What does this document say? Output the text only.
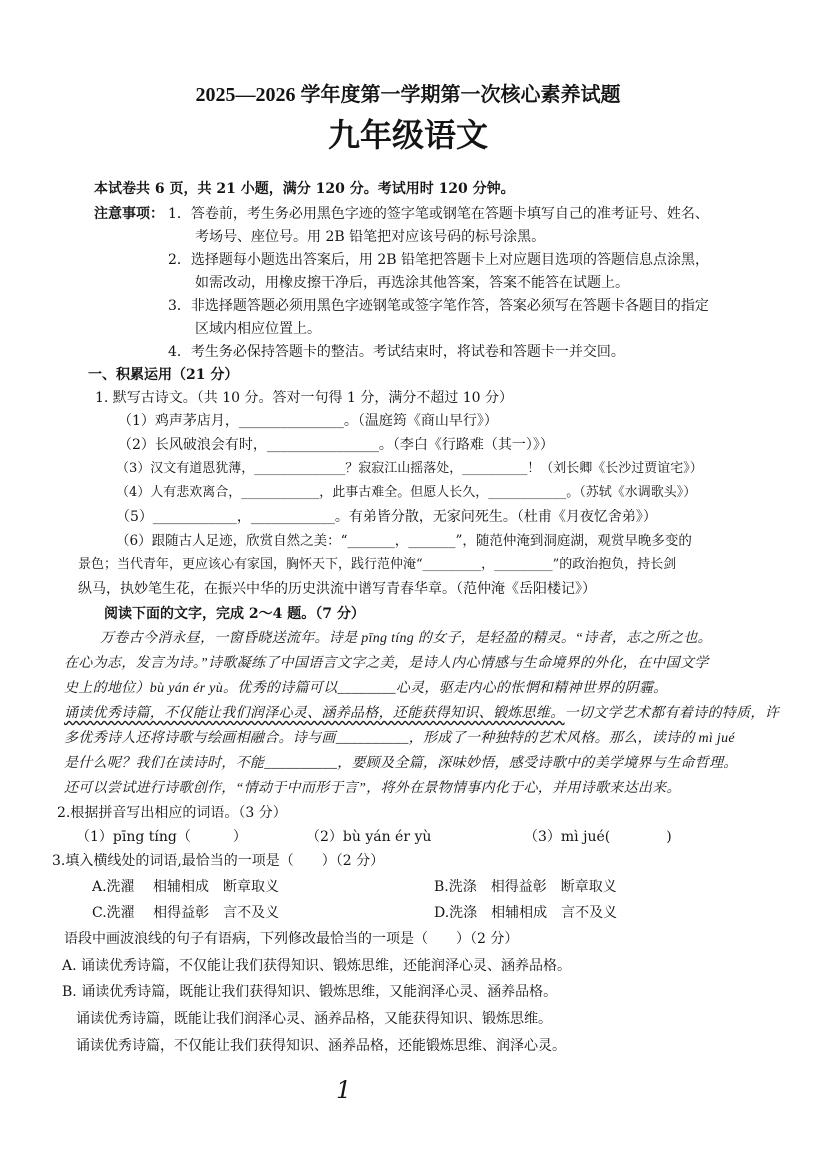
2025—2026 学年度第一学期第一次核心素养试题
九年级语文
本试卷共 6 页，共 21 小题，满分 120 分。考试用时 120 分钟。
注意事项： 1．答卷前，考生务必用黑色字迹的签字笔或钢笔在答题卡填写自己的准考证号、姓名、
考场号、座位号。用 2B 铅笔把对应该号码的标号涂黑。
2．选择题每小题选出答案后，用 2B 铅笔把答题卡上对应题目选项的答题信息点涂黑，
如需改动，用橡皮擦干净后，再选涂其他答案，答案不能答在试题上。
3．非选择题答题必须用黑色字迹钢笔或签字笔作答，答案必须写在答题卡各题目的指定
区域内相应位置上。
4．考生务必保持答题卡的整洁。考试结束时，将试卷和答题卡一并交回。
一、积累运用（21 分）
1. 默写古诗文。（共 10 分。答对一句得 1 分，满分不超过 10 分）
（1）鸡声茅店月，_______________。（温庭筠《商山早行》）
（2）长风破浪会有时，________________。（李白《行路难（其一）》）
（3）汉文有道恩犹薄，______________？寂寂江山摇落处，__________！（刘长卿《长沙过贾谊宅》）
（4）人有悲欢离合，____________，此事古难全。但愿人长久，____________。（苏轼《水调歌头》）
（5）____________，____________。有弟皆分散，无家问死生。（杜甫《月夜忆舍弟》）
（6）跟随古人足迹，欣赏自然之美：“_______，_______”，随范仲淹到洞庭湖，观赏早晚多变的
景色；当代青年，更应该心有家国，胸怀天下，践行范仲淹“_________，_________”的政治抱负，持长剑
纵马，执妙笔生花，在振兴中华的历史洪流中谱写青春华章。（范仲淹《岳阳楼记》）
阅读下面的文字，完成 2～4 题。（7 分）
万卷古今消永昼，一窗昏晓送流年。诗是 pīng tíng 的女子，是轻盈的精灵。“诗者，志之所之也。
在心为志，发言为诗。”诗歌凝练了中国语言文字之美，是诗人内心情感与生命境界的外化，在中国文学
史上的地位）bù yán ér yù。优秀的诗篇可以________心灵，驱走内心的怅惘和精神世界的阴霾。
诵读优秀诗篇，不仅能让我们润泽心灵、涵养品格，还能获得知识、锻炼思维。一切文学艺术都有着诗的特质，许
多优秀诗人还将诗歌与绘画相融合。诗与画__________，形成了一种独特的艺术风格。那么，读诗的 mì jué
是什么呢？我们在读诗时，不能__________，要顾及全篇，深味妙悟，感受诗歌中的美学境界与生命哲理。
还可以尝试进行诗歌创作，“情动于中而形于言”，将外在景物情事内化于心，并用诗歌来达出来。
2.根据拼音写出相应的词语。（3 分）
（1）pīng tíng（　　　）	（2）bù yán ér yù	（3）mì jué(　　　　)
3.填入横线处的词语,最恰当的一项是（　　）（2 分）
A.洗濯　 相辅相成　断章取义	B.洗涤　相得益彰　断章取义
C.洗濯　 相得益彰　言不及义	D.洗涤　相辅相成　言不及义
语段中画波浪线的句子有语病，下列修改最恰当的一项是（　　）（2 分）
A. 诵读优秀诗篇，不仅能让我们获得知识、锻炼思维，还能润泽心灵、涵养品格。
B. 诵读优秀诗篇，既能让我们获得知识、锻炼思维，又能润泽心灵、涵养品格。
诵读优秀诗篇，既能让我们润泽心灵、涵养品格，又能获得知识、锻炼思维。
诵读优秀诗篇，不仅能让我们获得知识、涵养品格，还能锻炼思维、润泽心灵。
1
